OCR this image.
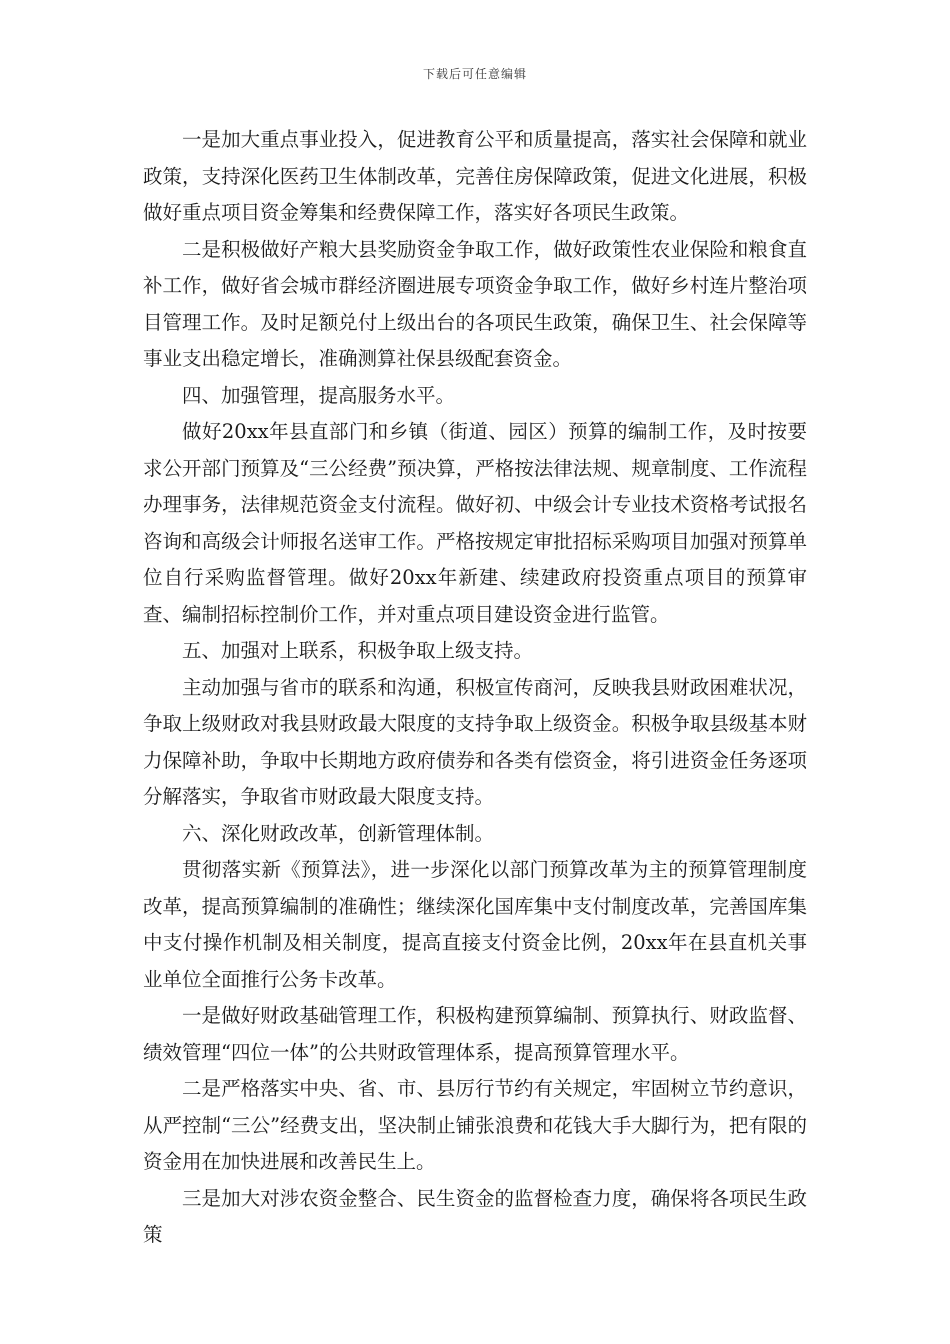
下载后可任意编辑

一是加大重点事业投入，促进教育公平和质量提高，落实社会保障和就业政策，支持深化医药卫生体制改革，完善住房保障政策，促进文化进展，积极做好重点项目资金筹集和经费保障工作，落实好各项民生政策。

二是积极做好产粮大县奖励资金争取工作，做好政策性农业保险和粮食直补工作，做好省会城市群经济圈进展专项资金争取工作，做好乡村连片整治项目管理工作。及时足额兑付上级出台的各项民生政策，确保卫生、社会保障等事业支出稳定增长，准确测算社保县级配套资金。

四、加强管理，提高服务水平。

做好20xx年县直部门和乡镇（街道、园区）预算的编制工作，及时按要求公开部门预算及“三公经费”预决算，严格按法律法规、规章制度、工作流程办理事务，法律规范资金支付流程。做好初、中级会计专业技术资格考试报名咨询和高级会计师报名送审工作。严格按规定审批招标采购项目加强对预算单位自行采购监督管理。做好20xx年新建、续建政府投资重点项目的预算审查、编制招标控制价工作，并对重点项目建设资金进行监管。

五、加强对上联系，积极争取上级支持。

主动加强与省市的联系和沟通，积极宣传商河，反映我县财政困难状况，争取上级财政对我县财政最大限度的支持争取上级资金。积极争取县级基本财力保障补助，争取中长期地方政府债券和各类有偿资金，将引进资金任务逐项分解落实，争取省市财政最大限度支持。

六、深化财政改革，创新管理体制。

贯彻落实新《预算法》，进一步深化以部门预算改革为主的预算管理制度改革，提高预算编制的准确性；继续深化国库集中支付制度改革，完善国库集中支付操作机制及相关制度，提高直接支付资金比例，20xx年在县直机关事业单位全面推行公务卡改革。

一是做好财政基础管理工作，积极构建预算编制、预算执行、财政监督、绩效管理“四位一体”的公共财政管理体系，提高预算管理水平。

二是严格落实中央、省、市、县厉行节约有关规定，牢固树立节约意识，从严控制“三公”经费支出，坚决制止铺张浪费和花钱大手大脚行为，把有限的资金用在加快进展和改善民生上。

三是加大对涉农资金整合、民生资金的监督检查力度，确保将各项民生政策
